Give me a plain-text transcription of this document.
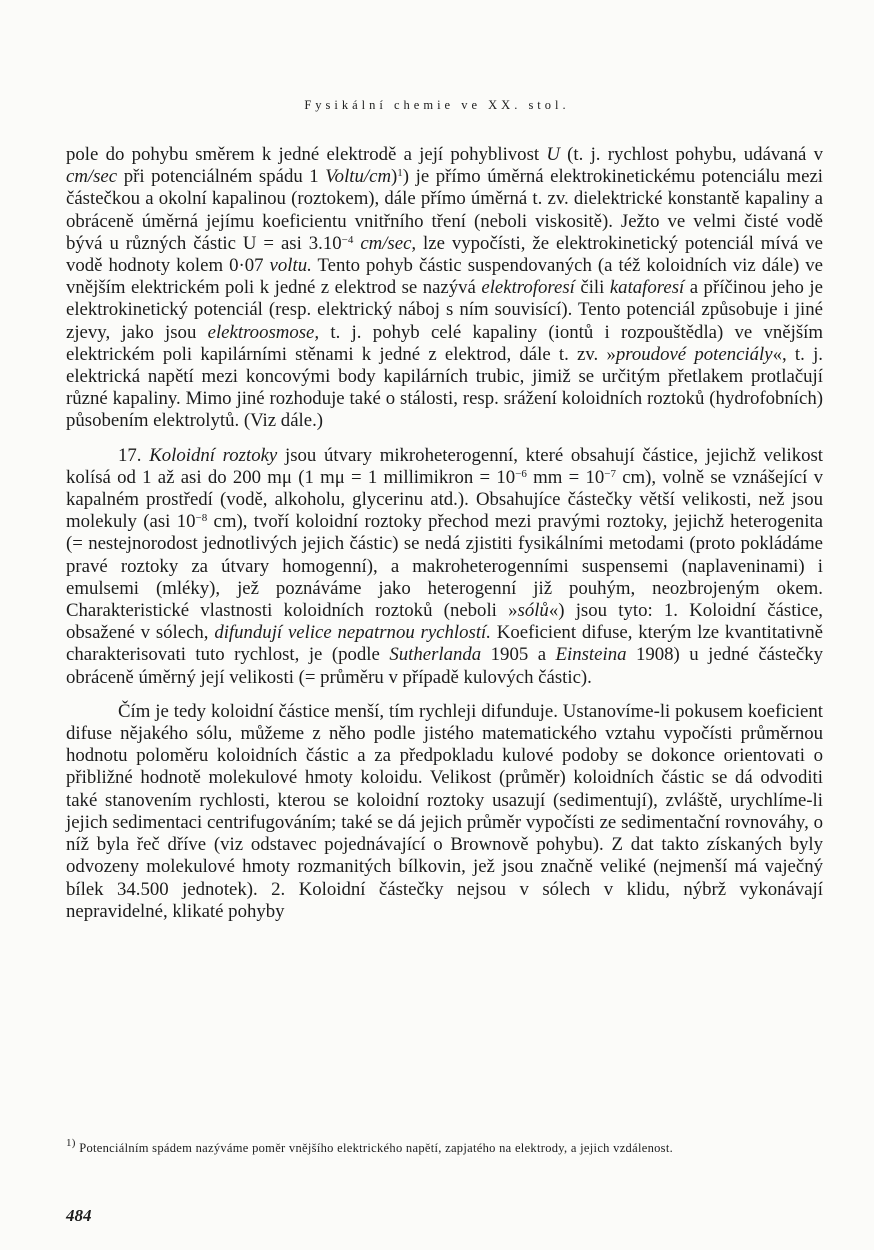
Fysikální chemie ve XX. stol.

pole do pohybu směrem k jedné elektrodě a její pohyblivost U (t. j. rychlost pohybu, udávaná v cm/sec při potenciálném spádu 1 Voltu/cm)$^1$) je přímo úměrná elektrokinetickému potenciálu mezi částečkou a okolní kapalinou (roztokem), dále přímo úměrná t. zv. dielektrické konstantě kapaliny a obráceně úměrná jejímu koeficientu vnitřního tření (neboli viskositě). Ježto ve velmi čisté vodě bývá u různých částic U = asi $3.10^{-4}$ cm/sec, lze vypočísti, že elektrokinetický potenciál mívá ve vodě hodnoty kolem 0·07 voltu. Tento pohyb částic suspendovaných (a též koloidních viz dále) ve vnějším elektrickém poli k jedné z elektrod se nazývá elektroforesí čili kataforesí a příčinou jeho je elektrokinetický potenciál (resp. elektrický náboj s ním souvisící). Tento potenciál způsobuje i jiné zjevy, jako jsou elektroosmose, t. j. pohyb celé kapaliny (iontů i rozpouštědla) ve vnějším elektrickém poli kapilárními stěnami k jedné z elektrod, dále t. zv. »proudové potenciály«, t. j. elektrická napětí mezi koncovými body kapilárních trubic, jimiž se určitým přetlakem protlačují různé kapaliny. Mimo jiné rozhoduje také o stálosti, resp. srážení koloidních roztoků (hydrofobních) působením elektrolytů. (Viz dále.)

17. Koloidní roztoky jsou útvary mikroheterogenní, které obsahují částice, jejichž velikost kolísá od 1 až asi do 200 mμ (1 mμ = 1 millimikron = $10^{-6}$ mm = $10^{-7}$ cm), volně se vznášející v kapalném prostředí (vodě, alkoholu, glycerinu atd.). Obsahujíce částečky větší velikosti, než jsou molekuly (asi $10^{-8}$ cm), tvoří koloidní roztoky přechod mezi pravými roztoky, jejichž heterogenita (= nestejnorodost jednotlivých jejich částic) se nedá zjistiti fysikálními metodami (proto pokládáme pravé roztoky za útvary homogenní), a makroheterogenními suspensemi (naplaveninami) i emulsemi (mléky), jež poznáváme jako heterogenní již pouhým, neozbrojeným okem. Charakteristické vlastnosti koloidních roztoků (neboli »sólů«) jsou tyto: 1. Koloidní částice, obsažené v sólech, difundují velice nepatrnou rychlostí. Koeficient difuse, kterým lze kvantitativně charakterisovati tuto rychlost, je (podle Sutherlanda 1905 a Einsteina 1908) u jedné částečky obráceně úměrný její velikosti (= průměru v případě kulových částic).

Čím je tedy koloidní částice menší, tím rychleji difunduje. Ustanovíme-li pokusem koeficient difuse nějakého sólu, můžeme z něho podle jistého matematického vztahu vypočísti průměrnou hodnotu poloměru koloidních částic a za předpokladu kulové podoby se dokonce orientovati o přibližné hodnotě molekulové hmoty koloidu. Velikost (průměr) koloidních částic se dá odvoditi také stanovením rychlosti, kterou se koloidní roztoky usazují (sedimentují), zvláště, urychlíme-li jejich sedimentaci centrifugováním; také se dá jejich průměr vypočísti ze sedimentační rovnováhy, o níž byla řeč dříve (viz odstavec pojednávající o Brownově pohybu). Z dat takto získaných byly odvozeny molekulové hmoty rozmanitých bílkovin, jež jsou značně veliké (nejmenší má vaječný bílek 34.500 jednotek). 2. Koloidní částečky nejsou v sólech v klidu, nýbrž vykonávají nepravidelné, klikaté pohyby

$^{1)}$ Potenciálním spádem nazýváme poměr vnějšího elektrického napětí, zapjatého na elektrody, a jejich vzdálenost.
484
